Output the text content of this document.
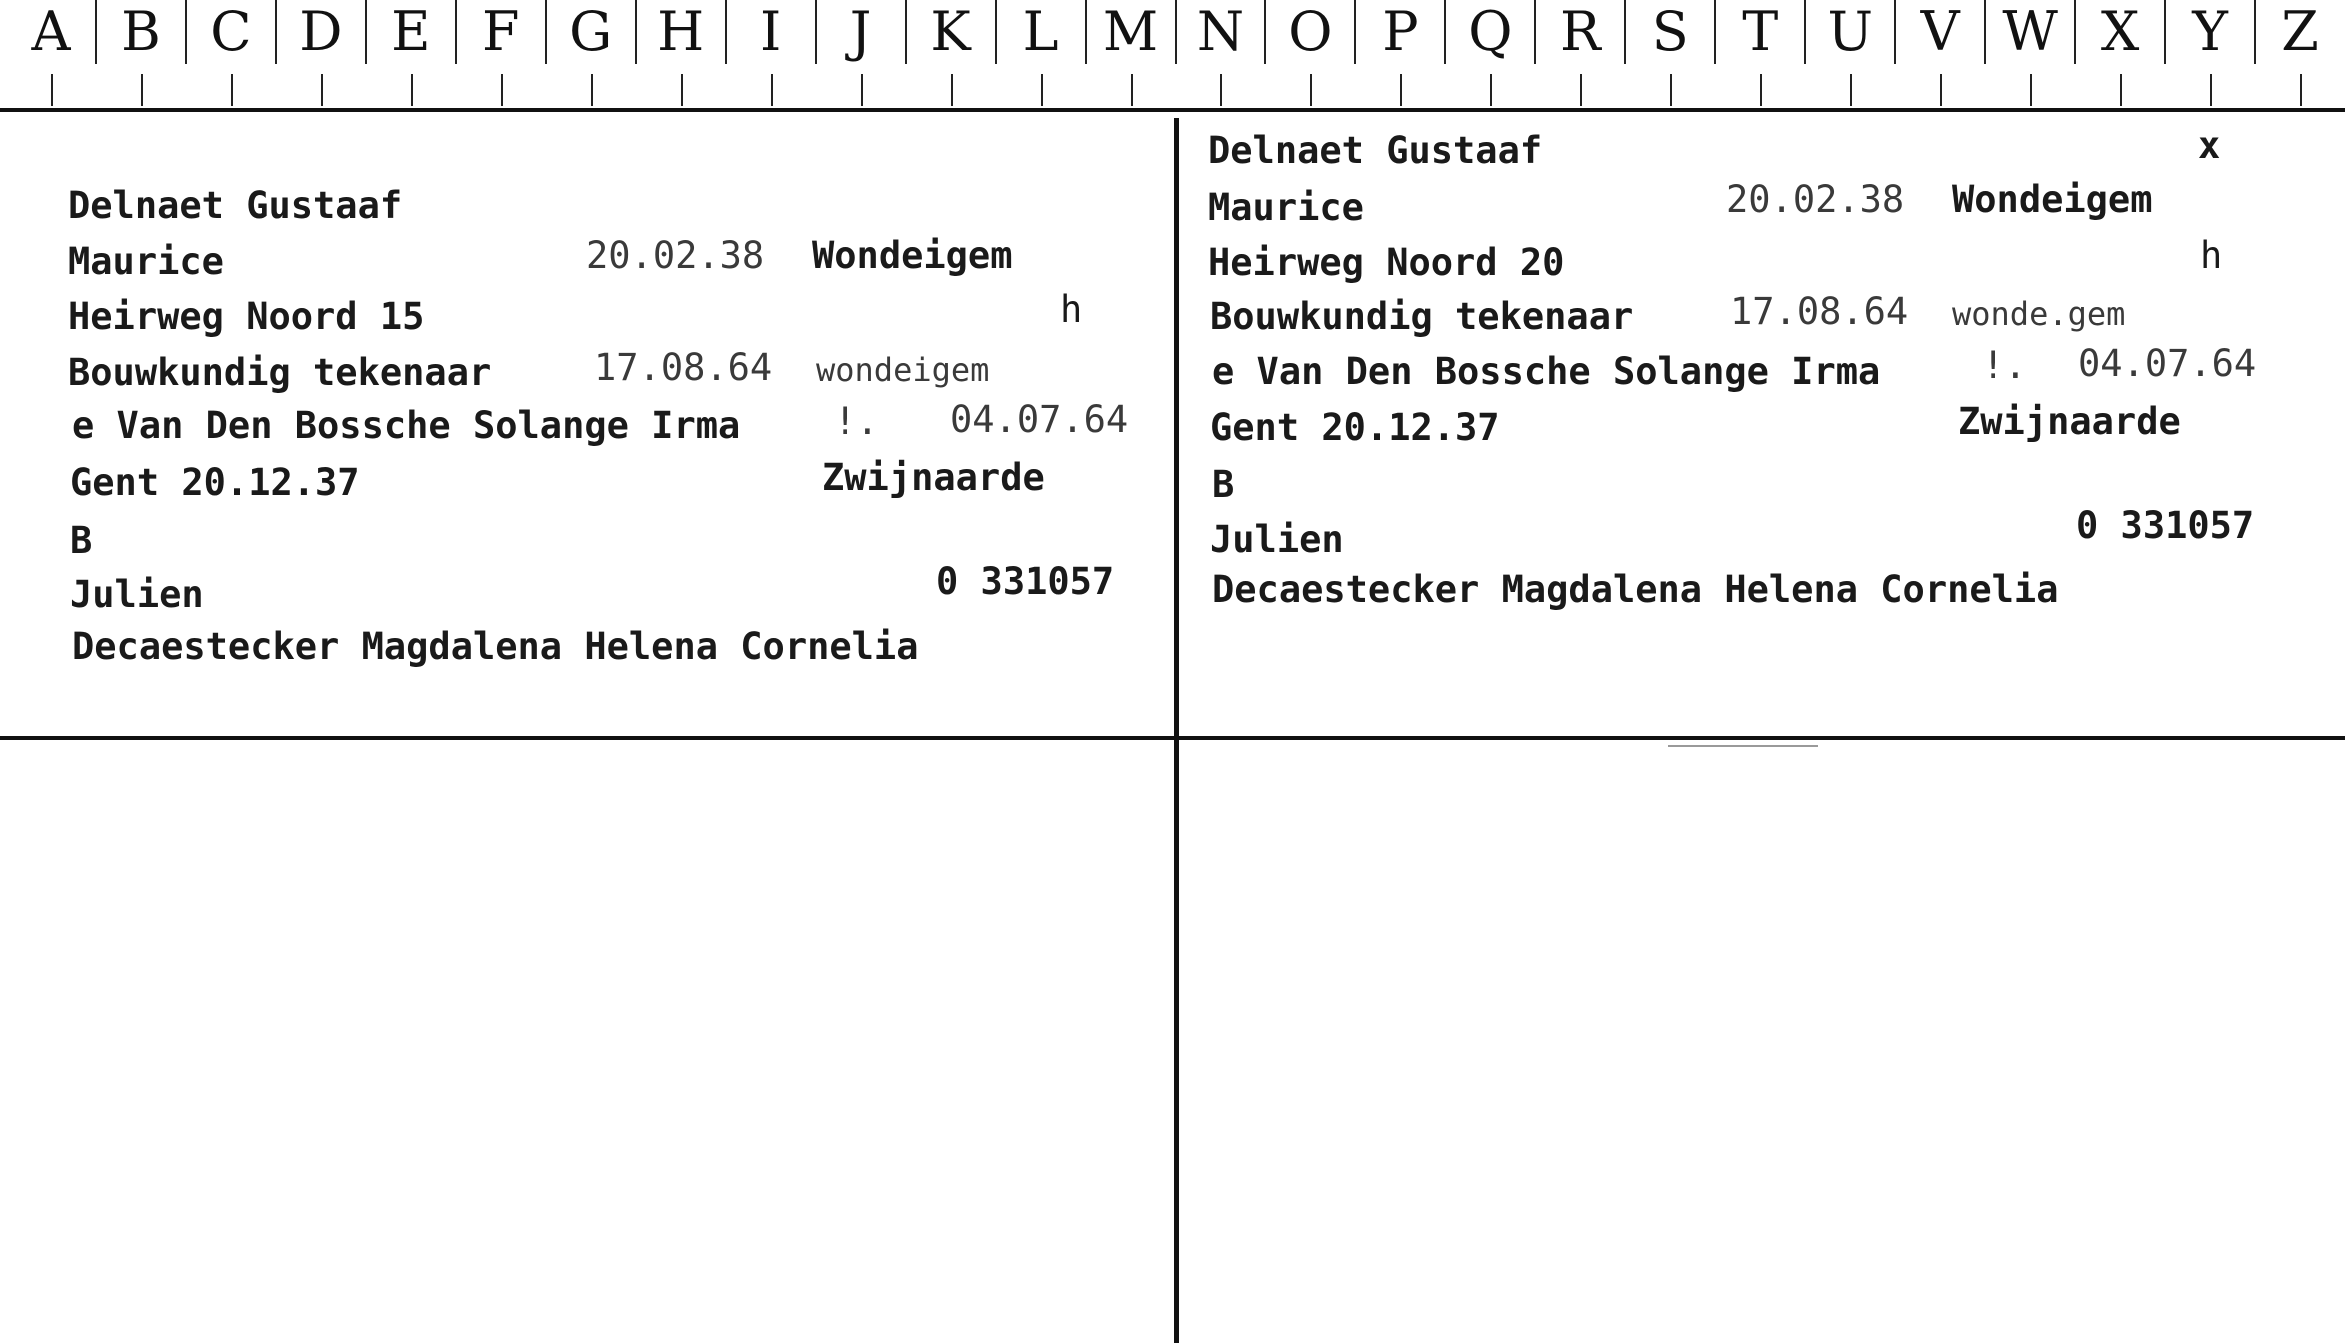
A B C D E F G H	I	J	K L M N O P Q R S T U V W X Y Z
Delnaet Gustaaf
Maurice	20.02.38 Wondeigem
Heirweg Noord 15	h
Bouwkundig tekenaar	17.08.64 wondeigem
e Van Den Bossche Solange Irma	!. 04.07.64
Gent 20.12.37	Zwijnaarde
B
Julien	0 331057
Decaestecker Magdalena Helena Cornelia
Delnaet Gustaaf	x
Maurice	20.02.38 Wondeigem
Heirweg Noord 20	h
Bouwkundig tekenaar	17.08.64 wonde.gem
e Van Den Bossche Solange Irma	!. 04.07.64
Gent 20.12.37	Zwijnaarde
B
Julien	0 331057
Decaestecker Magdalena Helena Cornelia
